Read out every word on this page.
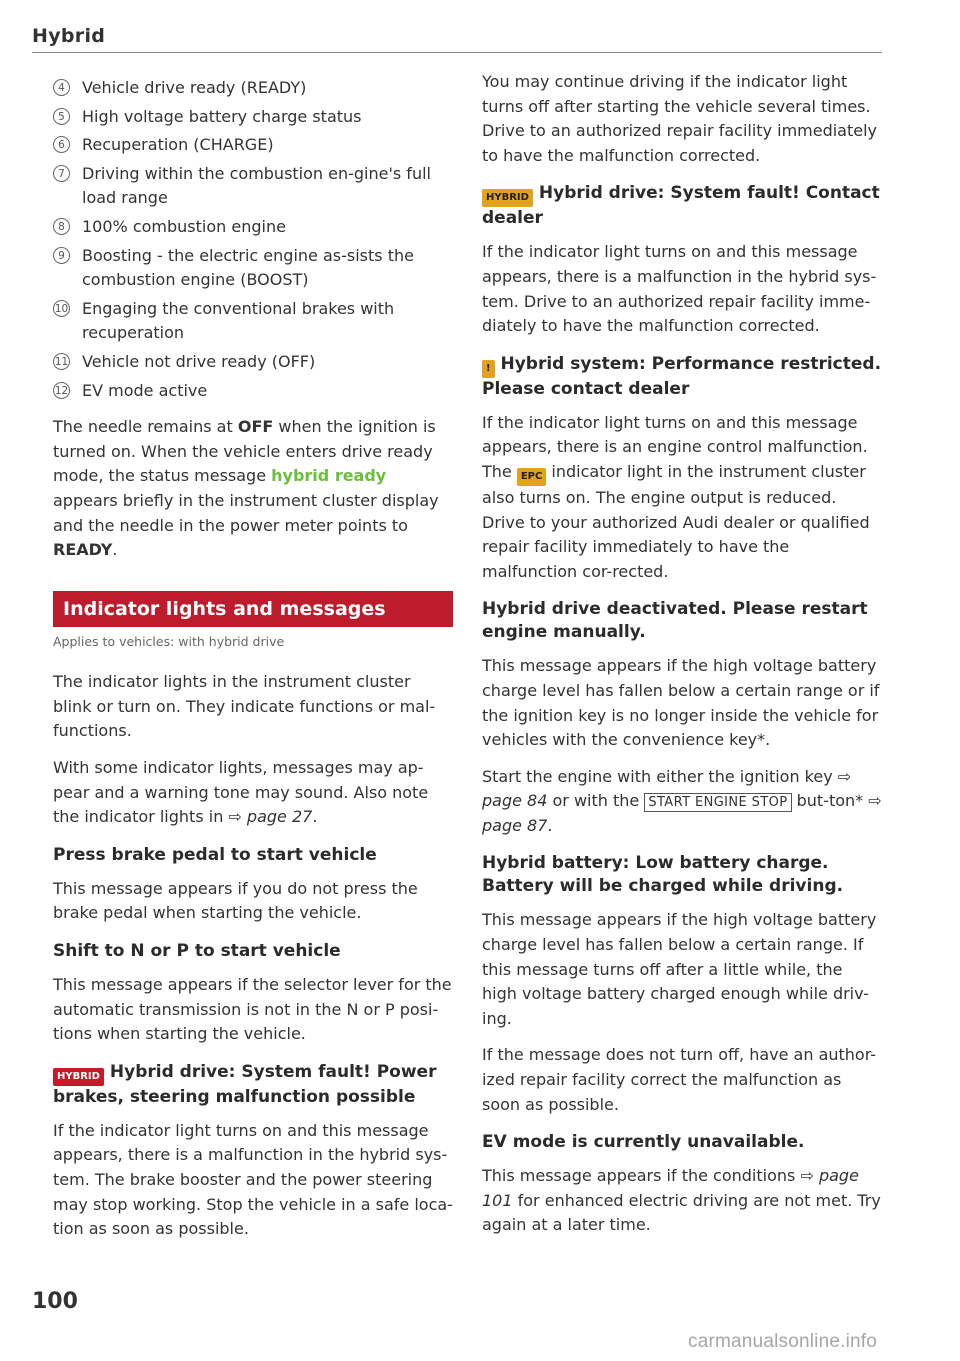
Hybrid
4	Vehicle drive ready (READY)
5	High voltage battery charge status
6	Recuperation (CHARGE)
7	Driving within the combustion en-gine's full load range
8	100% combustion engine
9	Boosting - the electric engine as-sists the combustion engine (BOOST)
10 Engaging the conventional brakes with recuperation
11 Vehicle not drive ready (OFF)
12 EV mode active

The needle remains at OFF when the ignition is turned on. When the vehicle enters drive ready mode, the status message hybrid ready appears briefly in the instrument cluster display and the needle in the power meter points to READY.

Indicator lights and messages
Applies to vehicles: with hybrid drive

The indicator lights in the instrument cluster blink or turn on. They indicate functions or mal-functions.

With some indicator lights, messages may ap-pear and a warning tone may sound. Also note the indicator lights in ⇨ page 27.

Press brake pedal to start vehicle

This message appears if you do not press the brake pedal when starting the vehicle.

Shift to N or P to start vehicle

This message appears if the selector lever for the automatic transmission is not in the N or P posi-tions when starting the vehicle.

HYBRID Hybrid drive: System fault! Power brakes, steering malfunction possible

If the indicator light turns on and this message appears, there is a malfunction in the hybrid sys-tem. The brake booster and the power steering may stop working. Stop the vehicle in a safe loca-tion as soon as possible.

You may continue driving if the indicator light turns off after starting the vehicle several times. Drive to an authorized repair facility immediately to have the malfunction corrected.

HYBRID Hybrid drive: System fault! Contact dealer

If the indicator light turns on and this message appears, there is a malfunction in the hybrid sys-tem. Drive to an authorized repair facility imme-diately to have the malfunction corrected.

! Hybrid system: Performance restricted. Please contact dealer

If the indicator light turns on and this message appears, there is an engine control malfunction. The EPC indicator light in the instrument cluster also turns on. The engine output is reduced. Drive to your authorized Audi dealer or qualified repair facility immediately to have the malfunction cor-rected.

Hybrid drive deactivated. Please restart engine manually.

This message appears if the high voltage battery charge level has fallen below a certain range or if the ignition key is no longer inside the vehicle for vehicles with the convenience key*.

Start the engine with either the ignition key ⇨ page 84 or with the START ENGINE STOP but-ton* ⇨ page 87.

Hybrid battery: Low battery charge. Battery will be charged while driving.

This message appears if the high voltage battery charge level has fallen below a certain range. If this message turns off after a little while, the high voltage battery charged enough while driv-ing.

If the message does not turn off, have an author-ized repair facility correct the malfunction as soon as possible.

EV mode is currently unavailable.

This message appears if the conditions ⇨ page 101 for enhanced electric driving are not met. Try again at a later time.

100
carmanualsonline.info
